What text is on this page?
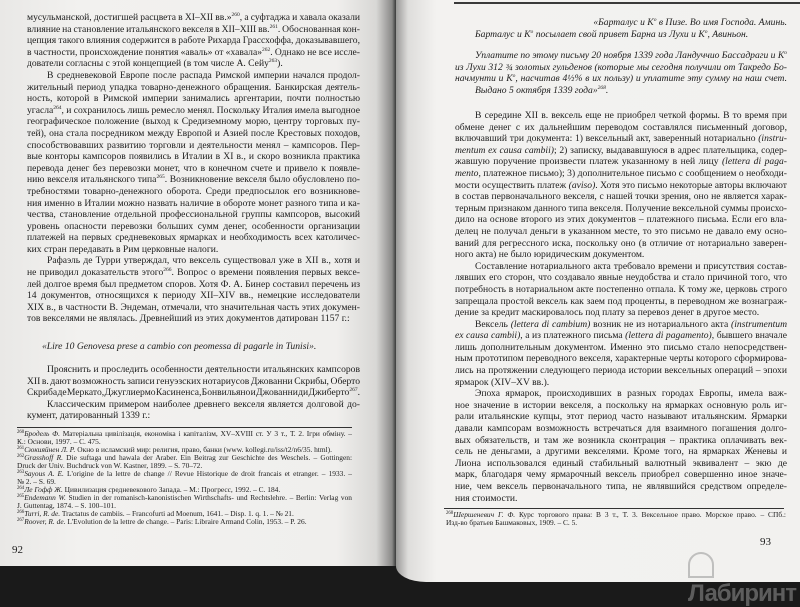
мусульманской, достигшей расцвета в XI–XII вв.»$^{260}$, а суфтаджа и хавала оказали
влияние на становление итальянского векселя в XII–XIII вв.$^{261}$. Обоснованная кон-
цепция такого влияния содержится в работе Рихарда Грассхоффа, доказывавшего,
в частности, происхождение понятия «аваль» от «хавала»$^{262}$. Однако не все иссле-
дователи согласны с этой концепцией (в том числе А. Сейу$^{263}$).
В средневековой Европе после распада Римской империи начался продол-
жительный период упадка товарно-денежного обращения. Банкирская деятель-
ность, которой в Римской империи занимались аргентарии, почти полностью
угасла$^{264}$, и сохранилось лишь ремесло менял. Поскольку Италия имела выгодное
географическое положение (выход к Средиземному морю, центру торговых пу-
тей), она стала посредником между Европой и Азией после Крестовых походов,
способствовавших развитию торговли и деятельности менял – кампсоров. Пер-
вые конторы кампсоров появились в Италии в XI в., и скоро возникла практика
перевода денег без перевозки монет, что в конечном счете и привело к появле-
нию векселя итальянского типа$^{265}$. Возникновение векселя было обусловлено по-
требностями товарно-денежного оборота. Среди предпосылок его возникнове-
ния именно в Италии можно назвать наличие в обороте монет разного типа и ка-
чества, становление отдельной профессиональной группы кампсоров, высокий
уровень опасности перевозки больших сумм денег, особенности организации
платежей на первых средневековых ярмарках и необходимость всех католичес-
ких стран передавать в Рим церковные налоги.
Рафаэль де Турри утверждал, что вексель существовал уже в XII в., хотя и
не приводил доказательств этого$^{266}$. Вопрос о времени появления первых вексе-
лей долгое время был предметом споров. Хотя Ф. А. Бинер составил перечень из
14 документов, относящихся к периоду XII–XIV вв., немецкие исследователи
XIX в., в частности В. Эндеман, отмечали, что значительная часть этих докумен-
тов векселями не являлась. Древнейший из этих документов датирован 1157 г.:
«Lire 10 Genovesa prese a cambio con peomessa di pagarle in Tunisi».
Прояснить и проследить особенности деятельности итальянских кампсоров
XII в. дают возможность записи генуэзских нотариусов Джованни Скрибы, Оберто
Скриба де Меркато, Джуглиермо Касиненса, Бонвильяно и Джованни ди Джиберто$^{267}$.
Классическим примером наиболее древнего векселя является долговой до-
кумент, датированный 1339 г.:
$^{260}$Бродель Ф. Матеріальна цивілізація, економіка і капіталізм, XV–XVIII ст. У 3 т., Т. 2. Ігри обміну. –
К.: Основи, 1997. – С. 475.
$^{261}$Сюкияйнен Л. Р. Окно в исламский мир: религия, право, банки (www. kollegi.ru/iss/t2/n6/35. html).
$^{262}$Grasshoff R. Die suftaga und hawala der Araber. Ein Beitrag zur Geschichte des Weschels. – Gottingen:
Druck der Univ. Buchdruck von W. Kastner, 1899. – S. 70–72.
$^{263}$Sayous A. E. L'origine de la lettre de change // Revue Historique de droit francais et etranger. – 1933. –
№ 2. – S. 69.
$^{264}$Ле Гофф Ж. Цивилизация средневекового Запада. – М.: Прогресс, 1992. – С. 184.
$^{265}$Endemann W. Studien in der romanisch-kanonistischen Wirthschafts- und Rechtslehre. – Berlin: Verlag von
J. Guttentag, 1874. – S. 100–101.
$^{266}$Turri, R. de. Tractatus de cambiis. – Francofurti ad Moenum, 1641. – Disp. 1. q. 1. – № 21.
$^{267}$Roover, R. de. L'Evolution de la lettre de change. – Paris: Libraire Armand Colin, 1953. – P. 26.
92
«Барталус и $K^o$ в Пизе. Во имя Господа. Аминь.
Барталус и $K^o$ посылает свой привет Барна из Лухи и $K^o$, Авиньон.
Уплатите по этому письму 20 ноября 1339 года Ландуччио Бассадраги и $K^o$
из Лухи 312 ¾ золотых гульденов (которые мы сегодня получили от Такредо Бо-
начмунти и $K^o$, насчитав 4½% в их пользу) и уплатите эту сумму на наш счет.
Выдано 5 октября 1339 года»$^{268}$.
В середине XII в. вексель еще не приобрел четкой формы. В то время при
обмене денег с их дальнейшим переводом составлялся письменный договор,
включавший три документа: 1) вексельный акт, заверенный нотариально (instru-
mentum ex causa cambii); 2) записку, выдававшуюся в адрес плательщика, содер-
жавшую поручение произвести платеж указанному в ней лицу (lettera di paga-
mento, платежное письмо); 3) дополнительное письмо с сообщением о необходи-
мости осуществить платеж (aviso). Хотя это письмо некоторые авторы включают
в состав первоначального векселя, с нашей точки зрения, оно не является харак-
терным признаком данного типа векселя. Получение вексельной суммы происхо-
дило на основе второго из этих документов – платежного письма. Если его вла-
делец не получал деньги в указанном месте, то это письмо не давало ему осно-
ваний для регрессного иска, поскольку оно (в отличие от нотариально заверен-
ного акта) не было юридическим документом.
Составление нотариального акта требовало времени и присутствия состав-
лявших его сторон, что создавало явные неудобства и стало причиной того, что
потребность в нотариальном акте постепенно отпала. К тому же, церковь строго
запрещала простой вексель как заем под проценты, в переводном же вознаграж-
дение за кредит маскировалось под плату за перевоз денег в другое место.
Вексель (lettera di cambium) возник не из нотариального акта (instrumentum
ex causa cambii), а из платежного письма (lettera di pagamento), бывшего вначале
лишь дополнительным документом. Именно это письмо стало непосредствен-
ным прототипом переводного векселя, характерные черты которого сформирова-
лись на протяжении следующего периода истории вексельных операций – эпохи
ярмарок (XIV–XV вв.).
Эпоха ярмарок, происходивших в разных городах Европы, имела важ-
ное значение в истории векселя, а поскольку на ярмарках основную роль иг-
рали итальянские купцы, этот период часто называют итальянским. Ярмарки
давали кампсорам возможность встречаться для взаимного погашения долго-
вых обязательств, и там же возникла сконтрация – практика оплачивать век-
сель не деньгами, а другими векселями. Кроме того, на ярмарках Женевы и
Лиона использовался единый стабильный валютный эквивалент – экю де
марк, благодаря чему ярмарочный вексель приобрел совершенно иное значе-
ние, чем вексель первоначального типа, не являвшийся средством определе-
ния стоимости.
$^{268}$Шершеневич Г. Ф. Курс торгового права: В 3 т., Т. 3. Вексельное право. Морское право. – СПб.:
Изд-во братьев Башмаковых, 1909. – С. 5.
93
Лабиринт
